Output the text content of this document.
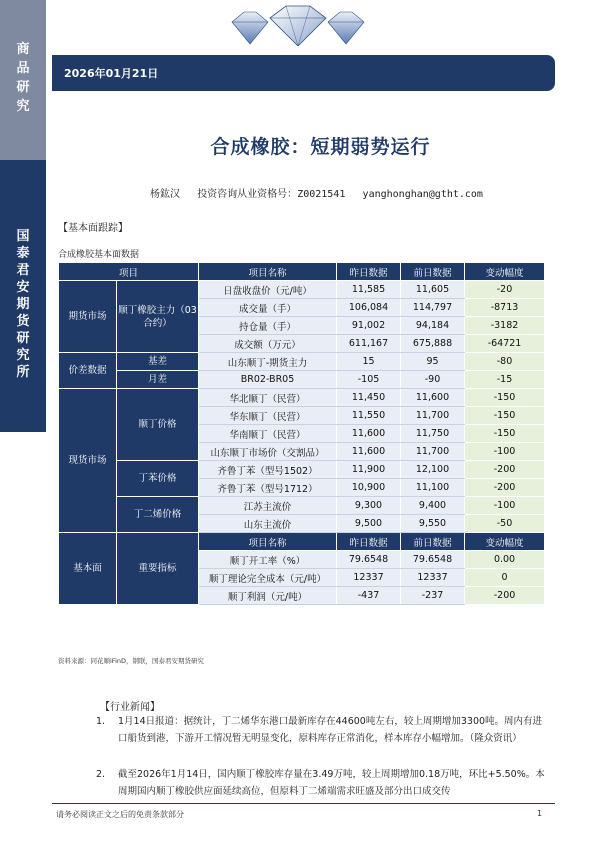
商
品
研
究
国
泰
君
安
期
货
研
究
所
2026年01月21日
合成橡胶：短期弱势运行
杨鈜汉 投资咨询从业资格号：Z0021541 yanghonghan@gtht.com
【基本面跟踪】
合成橡胶基本面数据
项目		项目名称	昨日数据	前日数据	变动幅度
期货市场	顺丁橡胶主力（03合约）	日盘收盘价（元/吨）	11,585	11,605	-20
		成交量（手）	106,084	114,797	-8713
		持仓量（手）	91,002	94,184	-3182
		成交额（万元）	611,167	675,888	-64721
价差数据	基差	山东顺丁-期货主力	15	95	-80
	月差	BR02-BR05	-105	-90	-15
现货市场	顺丁价格	华北顺丁（民营）	11,450	11,600	-150
		华东顺丁（民营）	11,550	11,700	-150
		华南顺丁（民营）	11,600	11,750	-150
		山东顺丁市场价（交割品）	11,600	11,700	-100
	丁苯价格	齐鲁丁苯（型号1502）	11,900	12,100	-200
		齐鲁丁苯（型号1712）	10,900	11,100	-200
	丁二烯价格	江苏主流价	9,300	9,400	-100
		山东主流价	9,500	9,550	-50
基本面	重要指标	项目名称	昨日数据	前日数据	变动幅度
		顺丁开工率（%）	79.6548	79.6548	0.00
		顺丁理论完全成本（元/吨）	12337	12337	0
		顺丁利润（元/吨）	-437	-237	-200
资料来源：同花顺iFinD，钢联，国泰君安期货研究
【行业新闻】
1.	1月14日报道：据统计，丁二烯华东港口最新库存在44600吨左右，较上周期增加3300吨。周内有进口船货到港，下游开工情况暂无明显变化，原料库存正常消化，样本库存小幅增加。（隆众资讯）
2.	截至2026年1月14日，国内顺丁橡胶库存量在3.49万吨，较上周期增加0.18万吨，环比+5.50%。本周期国内顺丁橡胶供应面延续高位，但原料丁二烯端需求旺盛及部分出口成交传
请务必阅读正文之后的免责条款部分	1
